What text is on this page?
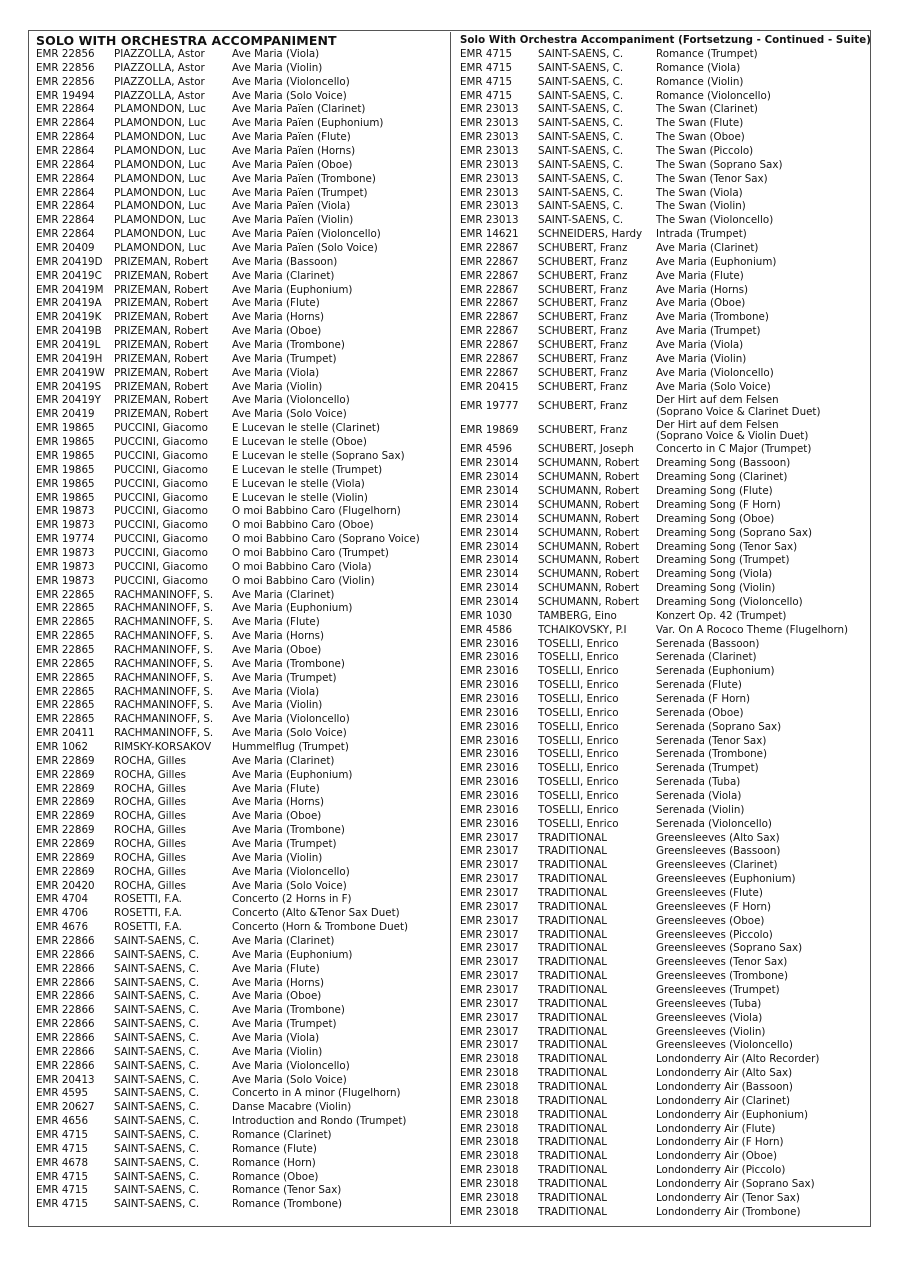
SOLO WITH ORCHESTRA ACCOMPANIMENT
EMR 22856	PIAZZOLLA, Astor	Ave Maria (Viola)
EMR 22856	PIAZZOLLA, Astor	Ave Maria (Violin)
EMR 22856	PIAZZOLLA, Astor	Ave Maria (Violoncello)
EMR 19494	PIAZZOLLA, Astor	Ave Maria (Solo Voice)
EMR 22864	PLAMONDON, Luc	Ave Maria Païen (Clarinet)
EMR 22864	PLAMONDON, Luc	Ave Maria Païen (Euphonium)
EMR 22864	PLAMONDON, Luc	Ave Maria Païen (Flute)
EMR 22864	PLAMONDON, Luc	Ave Maria Païen (Horns)
EMR 22864	PLAMONDON, Luc	Ave Maria Païen (Oboe)
EMR 22864	PLAMONDON, Luc	Ave Maria Païen (Trombone)
EMR 22864	PLAMONDON, Luc	Ave Maria Païen (Trumpet)
EMR 22864	PLAMONDON, Luc	Ave Maria Païen (Viola)
EMR 22864	PLAMONDON, Luc	Ave Maria Païen (Violin)
EMR 22864	PLAMONDON, Luc	Ave Maria Païen (Violoncello)
EMR 20409	PLAMONDON, Luc	Ave Maria Païen (Solo Voice)
EMR 20419D	PRIZEMAN, Robert	Ave Maria (Bassoon)
EMR 20419C	PRIZEMAN, Robert	Ave Maria (Clarinet)
EMR 20419M	PRIZEMAN, Robert	Ave Maria (Euphonium)
EMR 20419A	PRIZEMAN, Robert	Ave Maria (Flute)
EMR 20419K	PRIZEMAN, Robert	Ave Maria (Horns)
EMR 20419B	PRIZEMAN, Robert	Ave Maria (Oboe)
EMR 20419L	PRIZEMAN, Robert	Ave Maria (Trombone)
EMR 20419H	PRIZEMAN, Robert	Ave Maria (Trumpet)
EMR 20419W PRIZEMAN, Robert	Ave Maria (Viola)
EMR 20419S	PRIZEMAN, Robert	Ave Maria (Violin)
EMR 20419Y	PRIZEMAN, Robert	Ave Maria (Violoncello)
EMR 20419	PRIZEMAN, Robert	Ave Maria (Solo Voice)
EMR 19865	PUCCINI, Giacomo	E Lucevan le stelle (Clarinet)
EMR 19865	PUCCINI, Giacomo	E Lucevan le stelle (Oboe)
EMR 19865	PUCCINI, Giacomo	E Lucevan le stelle (Soprano Sax)
EMR 19865	PUCCINI, Giacomo	E Lucevan le stelle (Trumpet)
EMR 19865	PUCCINI, Giacomo	E Lucevan le stelle (Viola)
EMR 19865	PUCCINI, Giacomo	E Lucevan le stelle (Violin)
EMR 19873	PUCCINI, Giacomo	O moi Babbino Caro (Flugelhorn)
EMR 19873	PUCCINI, Giacomo	O moi Babbino Caro (Oboe)
EMR 19774	PUCCINI, Giacomo	O moi Babbino Caro (Soprano Voice)
EMR 19873	PUCCINI, Giacomo	O moi Babbino Caro (Trumpet)
EMR 19873	PUCCINI, Giacomo	O moi Babbino Caro (Viola)
EMR 19873	PUCCINI, Giacomo	O moi Babbino Caro (Violin)
EMR 22865	RACHMANINOFF, S.	Ave Maria (Clarinet)
EMR 22865	RACHMANINOFF, S.	Ave Maria (Euphonium)
EMR 22865	RACHMANINOFF, S.	Ave Maria (Flute)
EMR 22865	RACHMANINOFF, S.	Ave Maria (Horns)
EMR 22865	RACHMANINOFF, S.	Ave Maria (Oboe)
EMR 22865	RACHMANINOFF, S.	Ave Maria (Trombone)
EMR 22865	RACHMANINOFF, S.	Ave Maria (Trumpet)
EMR 22865	RACHMANINOFF, S.	Ave Maria (Viola)
EMR 22865	RACHMANINOFF, S.	Ave Maria (Violin)
EMR 22865	RACHMANINOFF, S.	Ave Maria (Violoncello)
EMR 20411	RACHMANINOFF, S.	Ave Maria (Solo Voice)
EMR 1062	RIMSKY-KORSAKOV	Hummelflug (Trumpet)
EMR 22869	ROCHA, Gilles	Ave Maria (Clarinet)
EMR 22869	ROCHA, Gilles	Ave Maria (Euphonium)
EMR 22869	ROCHA, Gilles	Ave Maria (Flute)
EMR 22869	ROCHA, Gilles	Ave Maria (Horns)
EMR 22869	ROCHA, Gilles	Ave Maria (Oboe)
EMR 22869	ROCHA, Gilles	Ave Maria (Trombone)
EMR 22869	ROCHA, Gilles	Ave Maria (Trumpet)
EMR 22869	ROCHA, Gilles	Ave Maria (Violin)
EMR 22869	ROCHA, Gilles	Ave Maria (Violoncello)
EMR 20420	ROCHA, Gilles	Ave Maria (Solo Voice)
EMR 4704	ROSETTI, F.A.	Concerto (2 Horns in F)
EMR 4706	ROSETTI, F.A.	Concerto (Alto &Tenor Sax Duet)
EMR 4676	ROSETTI, F.A.	Concerto (Horn & Trombone Duet)
EMR 22866	SAINT-SAËNS, C.	Ave Maria (Clarinet)
EMR 22866	SAINT-SAËNS, C.	Ave Maria (Euphonium)
EMR 22866	SAINT-SAËNS, C.	Ave Maria (Flute)
EMR 22866	SAINT-SAËNS, C.	Ave Maria (Horns)
EMR 22866	SAINT-SAËNS, C.	Ave Maria (Oboe)
EMR 22866	SAINT-SAËNS, C.	Ave Maria (Trombone)
EMR 22866	SAINT-SAËNS, C.	Ave Maria (Trumpet)
EMR 22866	SAINT-SAËNS, C.	Ave Maria (Viola)
EMR 22866	SAINT-SAËNS, C.	Ave Maria (Violin)
EMR 22866	SAINT-SAËNS, C.	Ave Maria (Violoncello)
EMR 20413	SAINT-SAËNS, C.	Ave Maria (Solo Voice)
EMR 4595	SAINT-SAËNS, C.	Concerto in A minor (Flugelhorn)
EMR 20627	SAINT-SAËNS, C.	Danse Macabre (Violin)
EMR 4656	SAINT-SAËNS, C.	Introduction and Rondo (Trumpet)
EMR 4715	SAINT-SAËNS, C.	Romance (Clarinet)
EMR 4715	SAINT-SAËNS, C.	Romance (Flute)
EMR 4678	SAINT-SAËNS, C.	Romance (Horn)
EMR 4715	SAINT-SAËNS, C.	Romance (Oboe)
EMR 4715	SAINT-SAËNS, C.	Romance (Tenor Sax)
EMR 4715	SAINT-SAËNS, C.	Romance (Trombone)
Solo With Orchestra Accompaniment (Fortsetzung - Continued - Suite)
EMR 4715	SAINT-SAËNS, C.	Romance (Trumpet)
EMR 4715	SAINT-SAËNS, C.	Romance (Viola)
EMR 4715	SAINT-SAËNS, C.	Romance (Violin)
EMR 4715	SAINT-SAËNS, C.	Romance (Violoncello)
EMR 23013	SAINT-SAËNS, C.	The Swan (Clarinet)
EMR 23013	SAINT-SAËNS, C.	The Swan (Flute)
EMR 23013	SAINT-SAËNS, C.	The Swan (Oboe)
EMR 23013	SAINT-SAËNS, C.	The Swan (Piccolo)
EMR 23013	SAINT-SAËNS, C.	The Swan (Soprano Sax)
EMR 23013	SAINT-SAËNS, C.	The Swan (Tenor Sax)
EMR 23013	SAINT-SAËNS, C.	The Swan (Viola)
EMR 23013	SAINT-SAËNS, C.	The Swan (Violin)
EMR 23013	SAINT-SAËNS, C.	The Swan (Violoncello)
EMR 14621	SCHNEIDERS, Hardy	Intrada (Trumpet)
EMR 22867	SCHUBERT, Franz	Ave Maria (Clarinet)
EMR 22867	SCHUBERT, Franz	Ave Maria (Euphonium)
EMR 22867	SCHUBERT, Franz	Ave Maria (Flute)
EMR 22867	SCHUBERT, Franz	Ave Maria (Horns)
EMR 22867	SCHUBERT, Franz	Ave Maria (Oboe)
EMR 22867	SCHUBERT, Franz	Ave Maria (Trombone)
EMR 22867	SCHUBERT, Franz	Ave Maria (Trumpet)
EMR 22867	SCHUBERT, Franz	Ave Maria (Viola)
EMR 22867	SCHUBERT, Franz	Ave Maria (Violin)
EMR 22867	SCHUBERT, Franz	Ave Maria (Violoncello)
EMR 20415	SCHUBERT, Franz	Ave Maria (Solo Voice)
EMR 19777	SCHUBERT, Franz	Der Hirt auf dem Felsen
(Soprano Voice & Clarinet Duet)
EMR 19869	SCHUBERT, Franz	Der Hirt auf dem Felsen
(Soprano Voice & Violin Duet)
EMR 4596	SCHUBERT, Joseph	Concerto in C Major (Trumpet)
EMR 23014	SCHUMANN, Robert	Dreaming Song (Bassoon)
EMR 23014	SCHUMANN, Robert	Dreaming Song (Clarinet)
EMR 23014	SCHUMANN, Robert	Dreaming Song (Flute)
EMR 23014	SCHUMANN, Robert	Dreaming Song (F Horn)
EMR 23014	SCHUMANN, Robert	Dreaming Song (Oboe)
EMR 23014	SCHUMANN, Robert	Dreaming Song (Soprano Sax)
EMR 23014	SCHUMANN, Robert	Dreaming Song (Tenor Sax)
EMR 23014	SCHUMANN, Robert	Dreaming Song (Trumpet)
EMR 23014	SCHUMANN, Robert	Dreaming Song (Viola)
EMR 23014	SCHUMANN, Robert	Dreaming Song (Violin)
EMR 23014	SCHUMANN, Robert	Dreaming Song (Violoncello)
EMR 1030	TAMBERG, Eino	Konzert Op. 42 (Trumpet)
EMR 4586	TCHAIKOVSKY, P.I	Var. On A Rococo Theme (Flugelhorn)
EMR 23016	TOSELLI, Enrico	Serenada (Bassoon)
EMR 23016	TOSELLI, Enrico	Serenada (Clarinet)
EMR 23016	TOSELLI, Enrico	Serenada (Euphonium)
EMR 23016	TOSELLI, Enrico	Serenada (Flute)
EMR 23016	TOSELLI, Enrico	Serenada (F Horn)
EMR 23016	TOSELLI, Enrico	Serenada (Oboe)
EMR 23016	TOSELLI, Enrico	Serenada (Soprano Sax)
EMR 23016	TOSELLI, Enrico	Serenada (Tenor Sax)
EMR 23016	TOSELLI, Enrico	Serenada (Trombone)
EMR 23016	TOSELLI, Enrico	Serenada (Trumpet)
EMR 23016	TOSELLI, Enrico	Serenada (Tuba)
EMR 23016	TOSELLI, Enrico	Serenada (Viola)
EMR 23016	TOSELLI, Enrico	Serenada (Violin)
EMR 23016	TOSELLI, Enrico	Serenada (Violoncello)
EMR 23017	TRADITIONAL	Greensleeves (Alto Sax)
EMR 23017	TRADITIONAL	Greensleeves (Bassoon)
EMR 23017	TRADITIONAL	Greensleeves (Clarinet)
EMR 23017	TRADITIONAL	Greensleeves (Euphonium)
EMR 23017	TRADITIONAL	Greensleeves (Flute)
EMR 23017	TRADITIONAL	Greensleeves (F Horn)
EMR 23017	TRADITIONAL	Greensleeves (Oboe)
EMR 23017	TRADITIONAL	Greensleeves (Piccolo)
EMR 23017	TRADITIONAL	Greensleeves (Soprano Sax)
EMR 23017	TRADITIONAL	Greensleeves (Tenor Sax)
EMR 23017	TRADITIONAL	Greensleeves (Trombone)
EMR 23017	TRADITIONAL	Greensleeves (Trumpet)
EMR 23017	TRADITIONAL	Greensleeves (Tuba)
EMR 23017	TRADITIONAL	Greensleeves (Viola)
EMR 23017	TRADITIONAL	Greensleeves (Violin)
EMR 23017	TRADITIONAL	Greensleeves (Violoncello)
EMR 23018	TRADITIONAL	Londonderry Air (Alto Recorder)
EMR 23018	TRADITIONAL	Londonderry Air (Alto Sax)
EMR 23018	TRADITIONAL	Londonderry Air (Bassoon)
EMR 23018	TRADITIONAL	Londonderry Air (Clarinet)
EMR 23018	TRADITIONAL	Londonderry Air (Euphonium)
EMR 23018	TRADITIONAL	Londonderry Air (Flute)
EMR 23018	TRADITIONAL	Londonderry Air (F Horn)
EMR 23018	TRADITIONAL	Londonderry Air (Oboe)
EMR 23018	TRADITIONAL	Londonderry Air (Piccolo)
EMR 23018	TRADITIONAL	Londonderry Air (Soprano Sax)
EMR 23018	TRADITIONAL	Londonderry Air (Tenor Sax)
EMR 23018	TRADITIONAL	Londonderry Air (Trombone)
